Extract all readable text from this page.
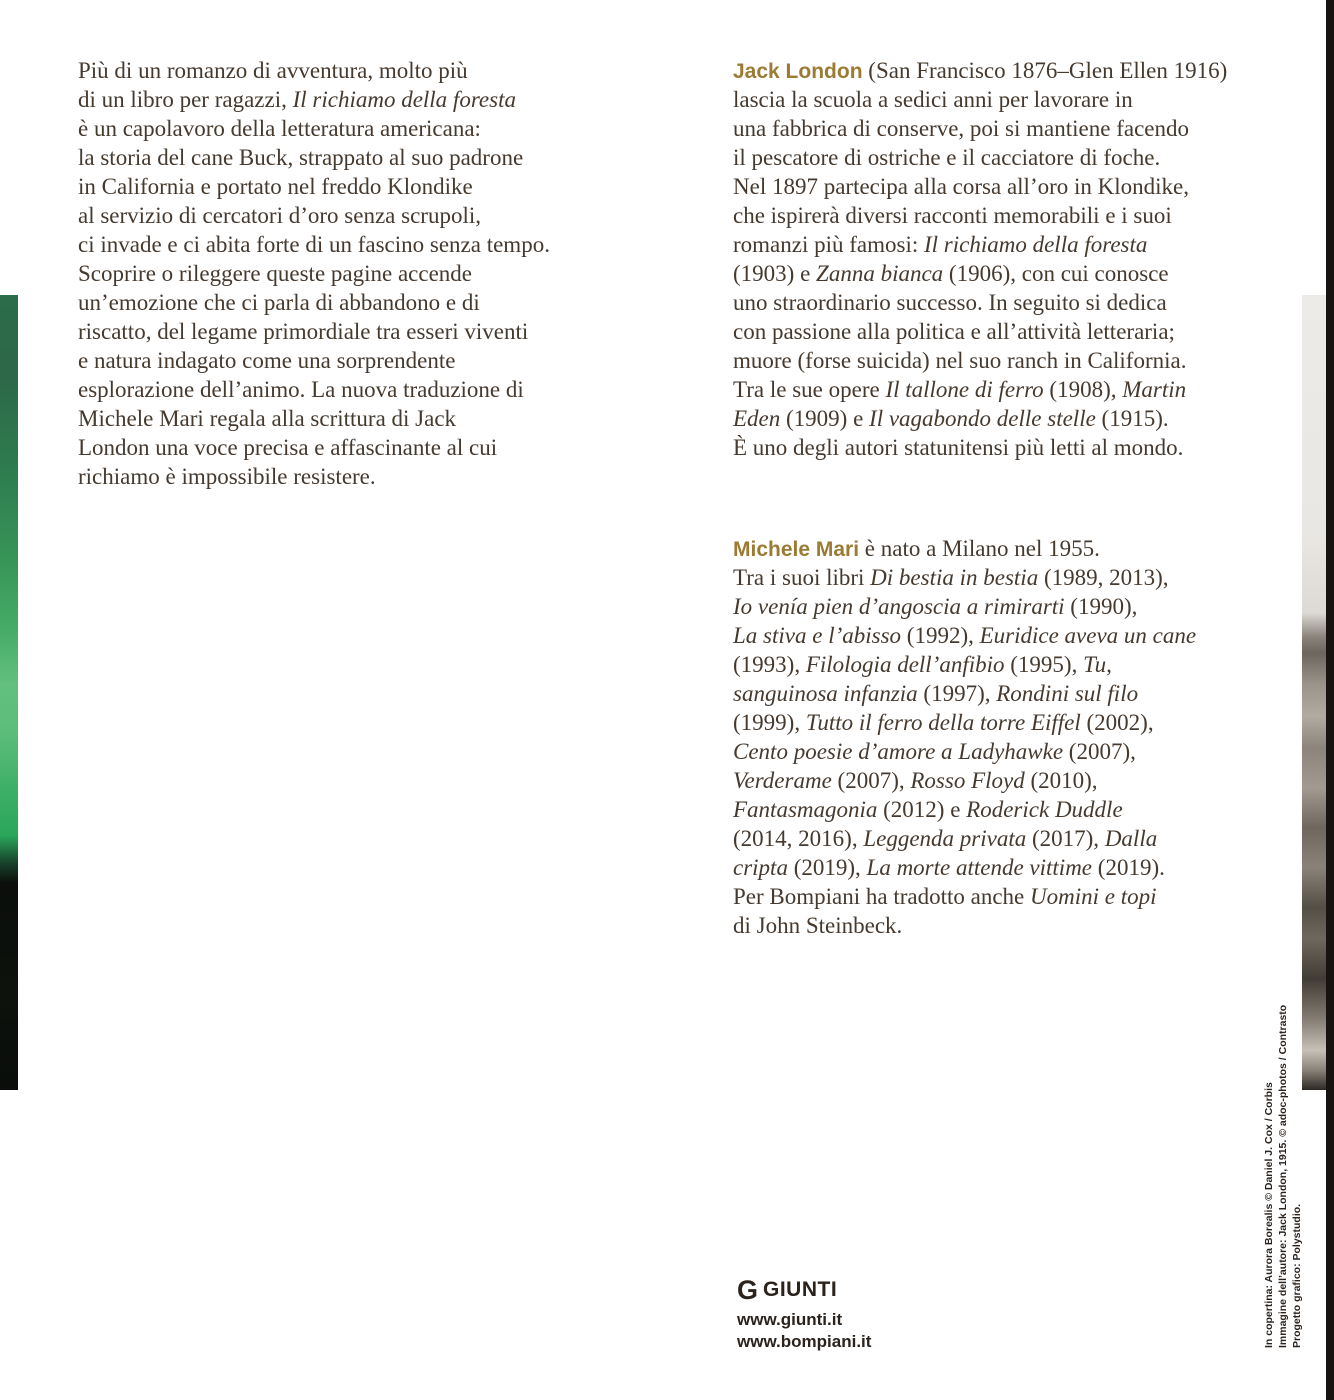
Più di un romanzo di avventura, molto più
di un libro per ragazzi, Il richiamo della foresta
è un capolavoro della letteratura americana:
la storia del cane Buck, strappato al suo padrone
in California e portato nel freddo Klondike
al servizio di cercatori d’oro senza scrupoli,
ci invade e ci abita forte di un fascino senza tempo.
Scoprire o rileggere queste pagine accende
un’emozione che ci parla di abbandono e di
riscatto, del legame primordiale tra esseri viventi
e natura indagato come una sorprendente
esplorazione dell’animo. La nuova traduzione di
Michele Mari regala alla scrittura di Jack
London una voce precisa e affascinante al cui
richiamo è impossibile resistere.
Jack London (San Francisco 1876–Glen Ellen 1916)
lascia la scuola a sedici anni per lavorare in
una fabbrica di conserve, poi si mantiene facendo
il pescatore di ostriche e il cacciatore di foche.
Nel 1897 partecipa alla corsa all’oro in Klondike,
che ispirerà diversi racconti memorabili e i suoi
romanzi più famosi: Il richiamo della foresta
(1903) e Zanna bianca (1906), con cui conosce
uno straordinario successo. In seguito si dedica
con passione alla politica e all’attività letteraria;
muore (forse suicida) nel suo ranch in California.
Tra le sue opere Il tallone di ferro (1908), Martin
Eden (1909) e Il vagabondo delle stelle (1915).
È uno degli autori statunitensi più letti al mondo.
Michele Mari è nato a Milano nel 1955.
Tra i suoi libri Di bestia in bestia (1989, 2013),
Io venía pien d’angoscia a rimirarti (1990),
La stiva e l’abisso (1992), Euridice aveva un cane
(1993), Filologia dell’anfibio (1995), Tu,
sanguinosa infanzia (1997), Rondini sul filo
(1999), Tutto il ferro della torre Eiffel (2002),
Cento poesie d’amore a Ladyhawke (2007),
Verderame (2007), Rosso Floyd (2010),
Fantasmagonia (2012) e Roderick Duddle
(2014, 2016), Leggenda privata (2017), Dalla
cripta (2019), La morte attende vittime (2019).
Per Bompiani ha tradotto anche Uomini e topi
di John Steinbeck.
G GIUNTI
www.giunti.it
www.bompiani.it	In copertina: Aurora Borealis © Daniel J. Cox / Corbis Immagine dell’autore: Jack London, 1915. © adoc-photos / Contrasto Progetto grafico: Polystudio.
